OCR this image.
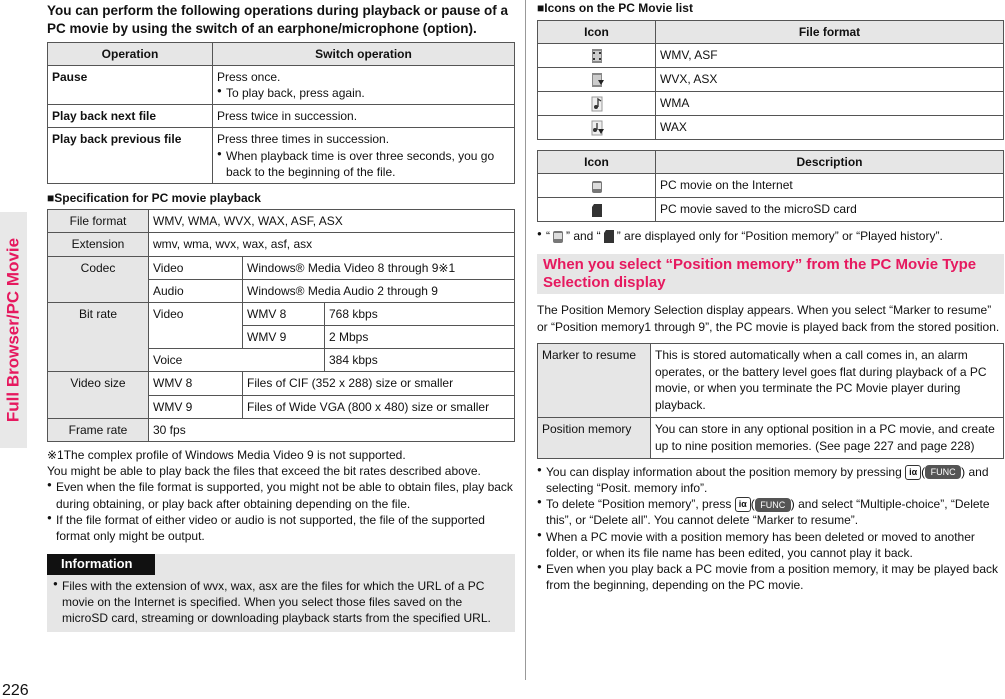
Full Browser/PC Movie
226
You can perform the following operations during playback or pause of a PC movie by using the switch of an earphone/microphone (option).
Operation	Switch operation
Pause	Press once.
● To play back, press again.

Play back next file	Press twice in succession.
Play back previous file	Press three times in succession.
● When playback time is over three seconds, you go back to the beginning of the file.
■ Specification for PC movie playback
File format	WMV, WMA, WVX, WAX, ASF, ASX		
Extension	wmv, wma, wvx, wax, asf, asx		
Codec	Video	Windows® Media Video 8 through 9※1	
	Audio	Windows® Media Audio 2 through 9	
Bit rate	Video	WMV 8	768 kbps
		WMV 9	2 Mbps
	Voice		384 kbps
Video size	WMV 8	Files of CIF (352 x 288) size or smaller	
	WMV 9	Files of Wide VGA (800 x 480) size or smaller	
Frame rate	30 fps		
※1The complex profile of Windows Media Video 9 is not supported.
You might be able to play back the files that exceed the bit rates described above.
● Even when the file format is supported, you might not be able to obtain files, play back during obtaining, or play back after obtaining depending on the file.
● If the file format of either video or audio is not supported, the file of the supported format only might be output.
Information
● Files with the extension of wvx, wax, asx are the files for which the URL of a PC movie on the Internet is specified. When you select those files saved on the microSD card, streaming or downloading playback starts from the specified URL.
■ Icons on the PC Movie list
Icon	File format
	WMV, ASF
	WVX, ASX
	WMA
	WAX
Icon	Description
	PC movie on the Internet
	PC movie saved to the microSD card
● “ ” and “ ” are displayed only for “Position memory” or “Played history”.
When you select “Position memory” from the PC Movie Type Selection display
The Position Memory Selection display appears. When you select “Marker to resume” or “Position memory1 through 9”, the PC movie is played back from the stored position.
Marker to resume	This is stored automatically when a call comes in, an alarm operates, or the battery level goes flat during playback of a PC movie, or when you terminate the PC Movie player during playback.
Position memory	You can store in any optional position in a PC movie, and create up to nine position memories. (See page 227 and page 228)
● You can display information about the position memory by pressing iα ( FUNC ) and selecting “Posit. memory info”.
● To delete “Position memory”, press iα ( FUNC ) and select “Multiple-choice”, “Delete this”, or “Delete all”. You cannot delete “Marker to resume”.
● When a PC movie with a position memory has been deleted or moved to another folder, or when its file name has been edited, you cannot play it back.
● Even when you play back a PC movie from a position memory, it may be played back from the beginning, depending on the PC movie.
